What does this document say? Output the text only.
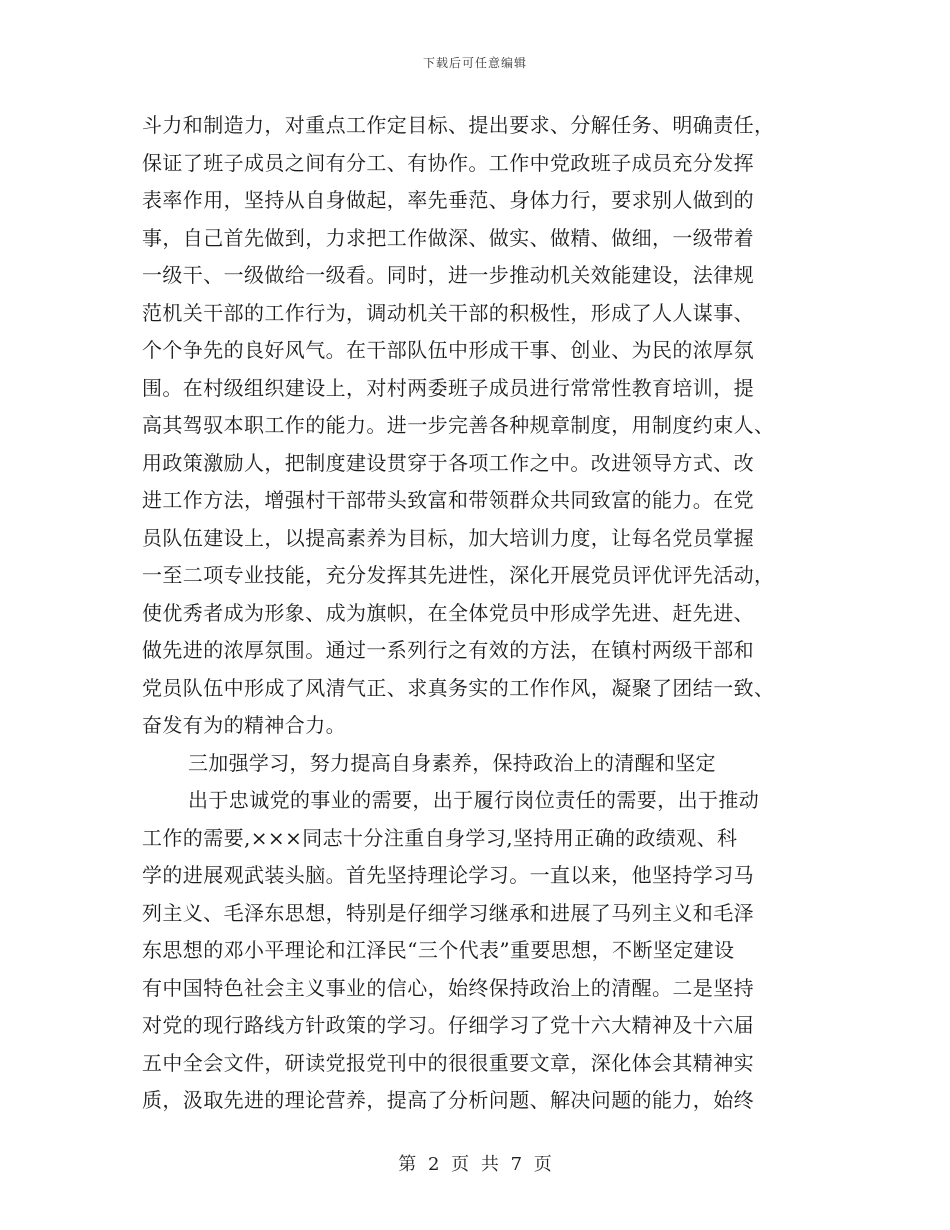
下载后可任意编辑
斗力和制造力，对重点工作定目标、提出要求、分解任务、明确责任，
保证了班子成员之间有分工、有协作。工作中党政班子成员充分发挥
表率作用，坚持从自身做起，率先垂范、身体力行，要求别人做到的
事，自己首先做到，力求把工作做深、做实、做精、做细，一级带着
一级干、一级做给一级看。同时，进一步推动机关效能建设，法律规
范机关干部的工作行为，调动机关干部的积极性，形成了人人谋事、
个个争先的良好风气。在干部队伍中形成干事、创业、为民的浓厚氛
围。在村级组织建设上，对村两委班子成员进行常常性教育培训，提
高其驾驭本职工作的能力。进一步完善各种规章制度，用制度约束人、
用政策激励人，把制度建设贯穿于各项工作之中。改进领导方式、改
进工作方法，增强村干部带头致富和带领群众共同致富的能力。在党
员队伍建设上，以提高素养为目标，加大培训力度，让每名党员掌握
一至二项专业技能，充分发挥其先进性，深化开展党员评优评先活动，
使优秀者成为形象、成为旗帜，在全体党员中形成学先进、赶先进、
做先进的浓厚氛围。通过一系列行之有效的方法，在镇村两级干部和
党员队伍中形成了风清气正、求真务实的工作作风，凝聚了团结一致、
奋发有为的精神合力。
三加强学习，努力提高自身素养，保持政治上的清醒和坚定
出于忠诚党的事业的需要，出于履行岗位责任的需要，出于推动
工作的需要,×××同志十分注重自身学习,坚持用正确的政绩观、科
学的进展观武装头脑。首先坚持理论学习。一直以来，他坚持学习马
列主义、毛泽东思想，特别是仔细学习继承和进展了马列主义和毛泽
东思想的邓小平理论和江泽民“三个代表”重要思想，不断坚定建设
有中国特色社会主义事业的信心，始终保持政治上的清醒。二是坚持
对党的现行路线方针政策的学习。仔细学习了党十六大精神及十六届
五中全会文件，研读党报党刊中的很很重要文章，深化体会其精神实
质，汲取先进的理论营养，提高了分析问题、解决问题的能力，始终
第 2 页 共 7 页
